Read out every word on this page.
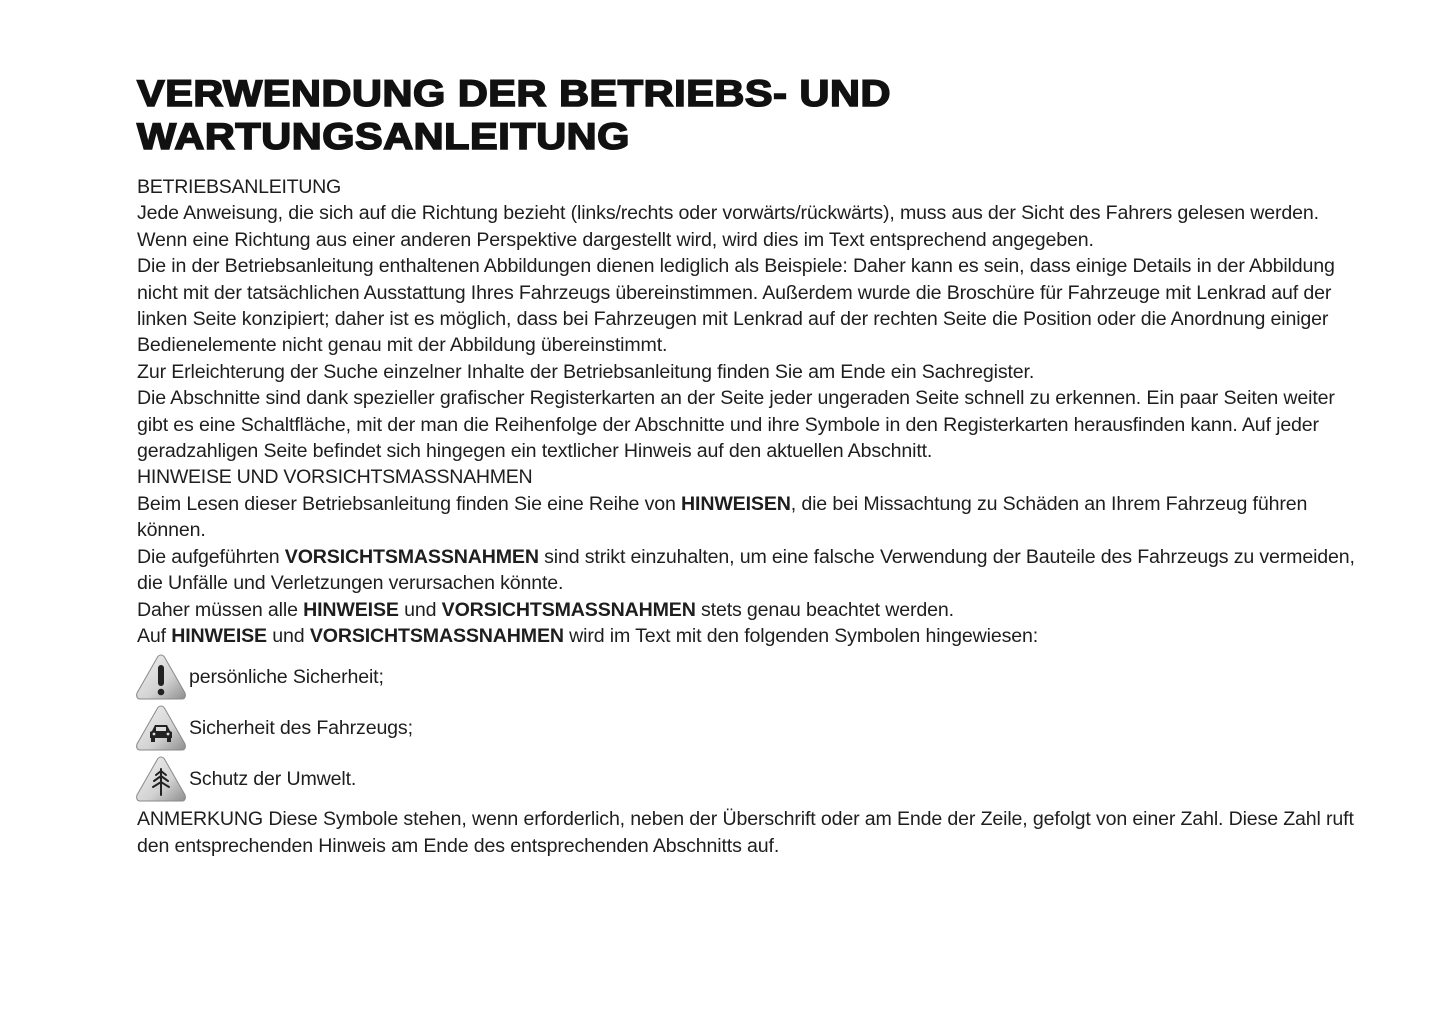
VERWENDUNG DER BETRIEBS- UND
WARTUNGSANLEITUNG

BETRIEBSANLEITUNG

Jede Anweisung, die sich auf die Richtung bezieht (links/rechts oder vorwärts/rückwärts), muss aus der Sicht des Fahrers gelesen werden. Wenn eine Richtung aus einer anderen Perspektive dargestellt wird, wird dies im Text entsprechend angegeben.

Die in der Betriebsanleitung enthaltenen Abbildungen dienen lediglich als Beispiele: Daher kann es sein, dass einige Details in der Abbildung nicht mit der tatsächlichen Ausstattung Ihres Fahrzeugs übereinstimmen. Außerdem wurde die Broschüre für Fahrzeuge mit Lenkrad auf der linken Seite konzipiert; daher ist es möglich, dass bei Fahrzeugen mit Lenkrad auf der rechten Seite die Position oder die Anordnung einiger Bedienelemente nicht genau mit der Abbildung übereinstimmt.

Zur Erleichterung der Suche einzelner Inhalte der Betriebsanleitung finden Sie am Ende ein Sachregister.

Die Abschnitte sind dank spezieller grafischer Registerkarten an der Seite jeder ungeraden Seite schnell zu erkennen. Ein paar Seiten weiter gibt es eine Schaltfläche, mit der man die Reihenfolge der Abschnitte und ihre Symbole in den Registerkarten herausfinden kann. Auf jeder geradzahligen Seite befindet sich hingegen ein textlicher Hinweis auf den aktuellen Abschnitt.

HINWEISE UND VORSICHTSMASSNAHMEN

Beim Lesen dieser Betriebsanleitung finden Sie eine Reihe von HINWEISEN, die bei Missachtung zu Schäden an Ihrem Fahrzeug führen können.

Die aufgeführten VORSICHTSMASSNAHMEN sind strikt einzuhalten, um eine falsche Verwendung der Bauteile des Fahrzeugs zu vermeiden, die Unfälle und Verletzungen verursachen könnte.

Daher müssen alle HINWEISE und VORSICHTSMASSNAHMEN stets genau beachtet werden.

Auf HINWEISE und VORSICHTSMASSNAHMEN wird im Text mit den folgenden Symbolen hingewiesen:

persönliche Sicherheit;
Sicherheit des Fahrzeugs;
Schutz der Umwelt.

ANMERKUNG Diese Symbole stehen, wenn erforderlich, neben der Überschrift oder am Ende der Zeile, gefolgt von einer Zahl. Diese Zahl ruft den entsprechenden Hinweis am Ende des entsprechenden Abschnitts auf.
